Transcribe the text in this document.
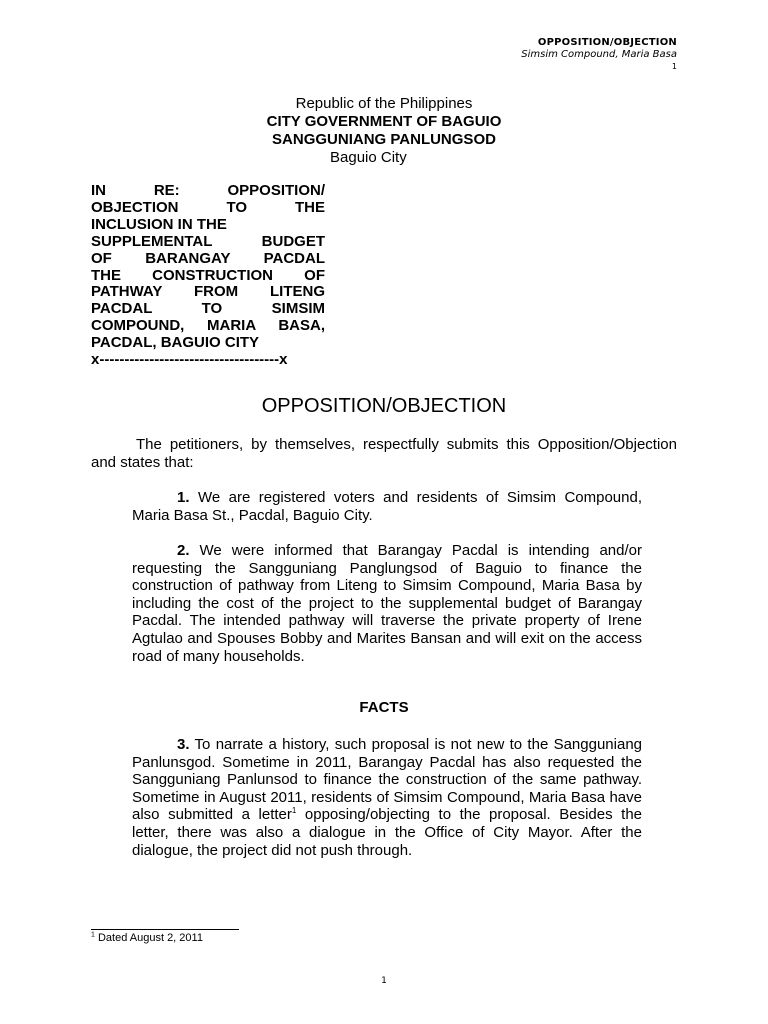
OPPOSITION/OBJECTION
Simsim Compound, Maria Basa
1
Republic of the Philippines
CITY GOVERNMENT OF BAGUIO
SANGGUNIANG PANLUNGSOD
Baguio City
IN RE: OPPOSITION/
OBJECTION TO THE
INCLUSION IN THE
SUPPLEMENTAL BUDGET
OF BARANGAY PACDAL
THE CONSTRUCTION OF
PATHWAY FROM LITENG
PACDAL TO SIMSIM
COMPOUND, MARIA BASA,
PACDAL, BAGUIO CITY
x------------------------------------x
OPPOSITION/OBJECTION
The petitioners, by themselves, respectfully submits this Opposition/Objection and states that:
1. We are registered voters and residents of Simsim Compound, Maria Basa St., Pacdal, Baguio City.
2. We were informed that Barangay Pacdal is intending and/or requesting the Sangguniang Panglungsod of Baguio to finance the construction of pathway from Liteng to Simsim Compound, Maria Basa by including the cost of the project to the supplemental budget of Barangay Pacdal. The intended pathway will traverse the private property of Irene Agtulao and Spouses Bobby and Marites Bansan and will exit on the access road of many households.
FACTS
3. To narrate a history, such proposal is not new to the Sangguniang Panlunsgod. Sometime in 2011, Barangay Pacdal has also requested the Sangguniang Panlunsod to finance the construction of the same pathway. Sometime in August 2011, residents of Simsim Compound, Maria Basa have also submitted a letter$^1$ opposing/objecting to the proposal. Besides the letter, there was also a dialogue in the Office of City Mayor. After the dialogue, the project did not push through.
$^1$ Dated August 2, 2011
1
